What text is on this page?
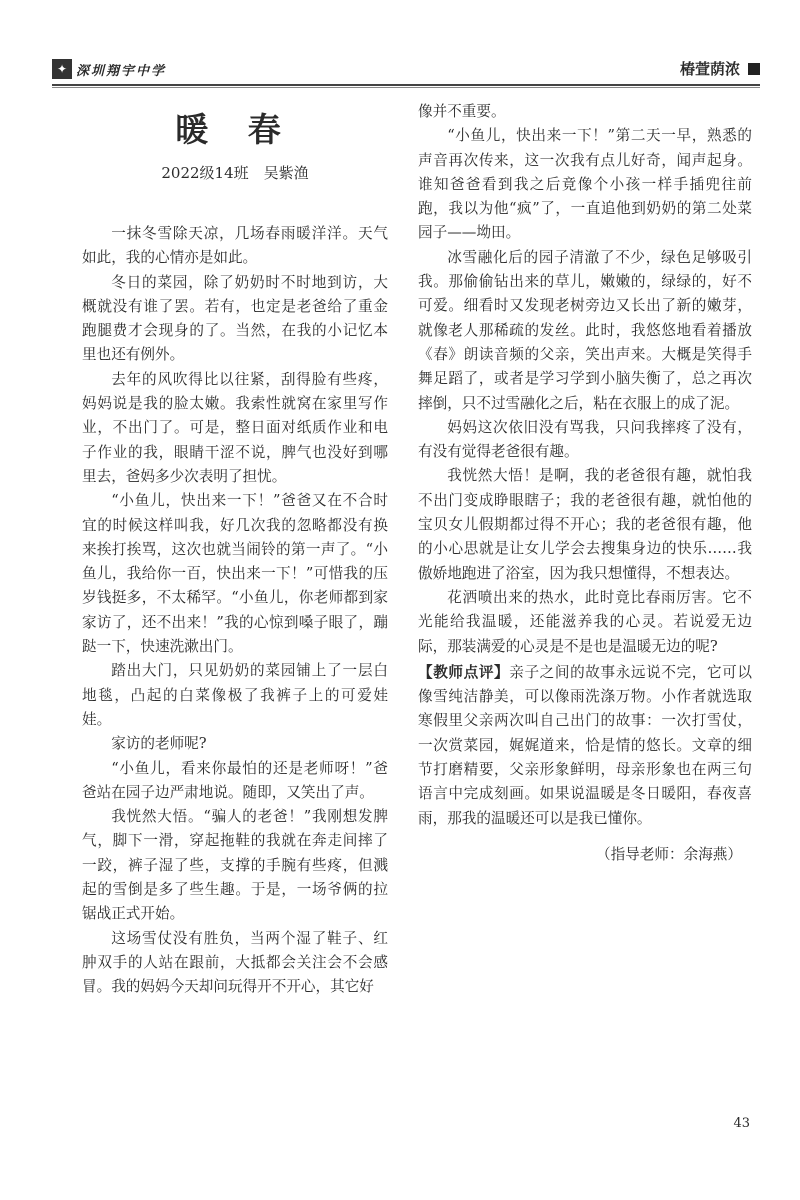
✦ 深圳翔宇中学	椿萱荫浓
暖 春
2022级14班　吴紫渔

一抹冬雪除天凉，几场春雨暖洋洋。天气如此，我的心情亦是如此。

冬日的菜园，除了奶奶时不时地到访，大概就没有谁了罢。若有，也定是老爸给了重金跑腿费才会现身的了。当然，在我的小记忆本里也还有例外。

去年的风吹得比以往紧，刮得脸有些疼，妈妈说是我的脸太嫩。我索性就窝在家里写作业，不出门了。可是，整日面对纸质作业和电子作业的我，眼睛干涩不说，脾气也没好到哪里去，爸妈多少次表明了担忧。

“小鱼儿，快出来一下！”爸爸又在不合时宜的时候这样叫我，好几次我的忽略都没有换来挨打挨骂，这次也就当闹铃的第一声了。“小鱼儿，我给你一百，快出来一下！”可惜我的压岁钱挺多，不太稀罕。“小鱼儿，你老师都到家家访了，还不出来！”我的心惊到嗓子眼了，蹦跶一下，快速洗漱出门。

踏出大门，只见奶奶的菜园铺上了一层白地毯，凸起的白菜像极了我裤子上的可爱娃娃。

家访的老师呢?

“小鱼儿，看来你最怕的还是老师呀！”爸爸站在园子边严肃地说。随即，又笑出了声。

我恍然大悟。“骗人的老爸！”我刚想发脾气，脚下一滑，穿起拖鞋的我就在奔走间摔了一跤，裤子湿了些，支撑的手腕有些疼，但溅起的雪倒是多了些生趣。于是，一场爷俩的拉锯战正式开始。

这场雪仗没有胜负，当两个湿了鞋子、红肿双手的人站在跟前，大抵都会关注会不会感冒。我的妈妈今天却问玩得开不开心，其它好

像并不重要。

“小鱼儿，快出来一下！”第二天一早，熟悉的声音再次传来，这一次我有点儿好奇，闻声起身。谁知爸爸看到我之后竟像个小孩一样手插兜往前跑，我以为他“疯”了，一直追他到奶奶的第二处菜园子——坳田。

冰雪融化后的园子清澈了不少，绿色足够吸引我。那偷偷钻出来的草儿，嫩嫩的，绿绿的，好不可爱。细看时又发现老树旁边又长出了新的嫩芽，就像老人那稀疏的发丝。此时，我悠悠地看着播放《春》朗读音频的父亲，笑出声来。大概是笑得手舞足蹈了，或者是学习学到小脑失衡了，总之再次摔倒，只不过雪融化之后，粘在衣服上的成了泥。

妈妈这次依旧没有骂我，只问我摔疼了没有，有没有觉得老爸很有趣。

我恍然大悟！是啊，我的老爸很有趣，就怕我不出门变成睁眼瞎子；我的老爸很有趣，就怕他的宝贝女儿假期都过得不开心；我的老爸很有趣，他的小心思就是让女儿学会去搜集身边的快乐……我傲娇地跑进了浴室，因为我只想懂得，不想表达。

花洒喷出来的热水，此时竟比春雨厉害。它不光能给我温暖，还能滋养我的心灵。若说爱无边际，那装满爱的心灵是不是也是温暖无边的呢?

【教师点评】亲子之间的故事永远说不完，它可以像雪纯洁静美，可以像雨洗涤万物。小作者就选取寒假里父亲两次叫自己出门的故事：一次打雪仗，一次赏菜园，娓娓道来，恰是情的悠长。文章的细节打磨精要，父亲形象鲜明，母亲形象也在两三句语言中完成刻画。如果说温暖是冬日暖阳，春夜喜雨，那我的温暖还可以是我已懂你。
（指导老师：余海燕）
43
